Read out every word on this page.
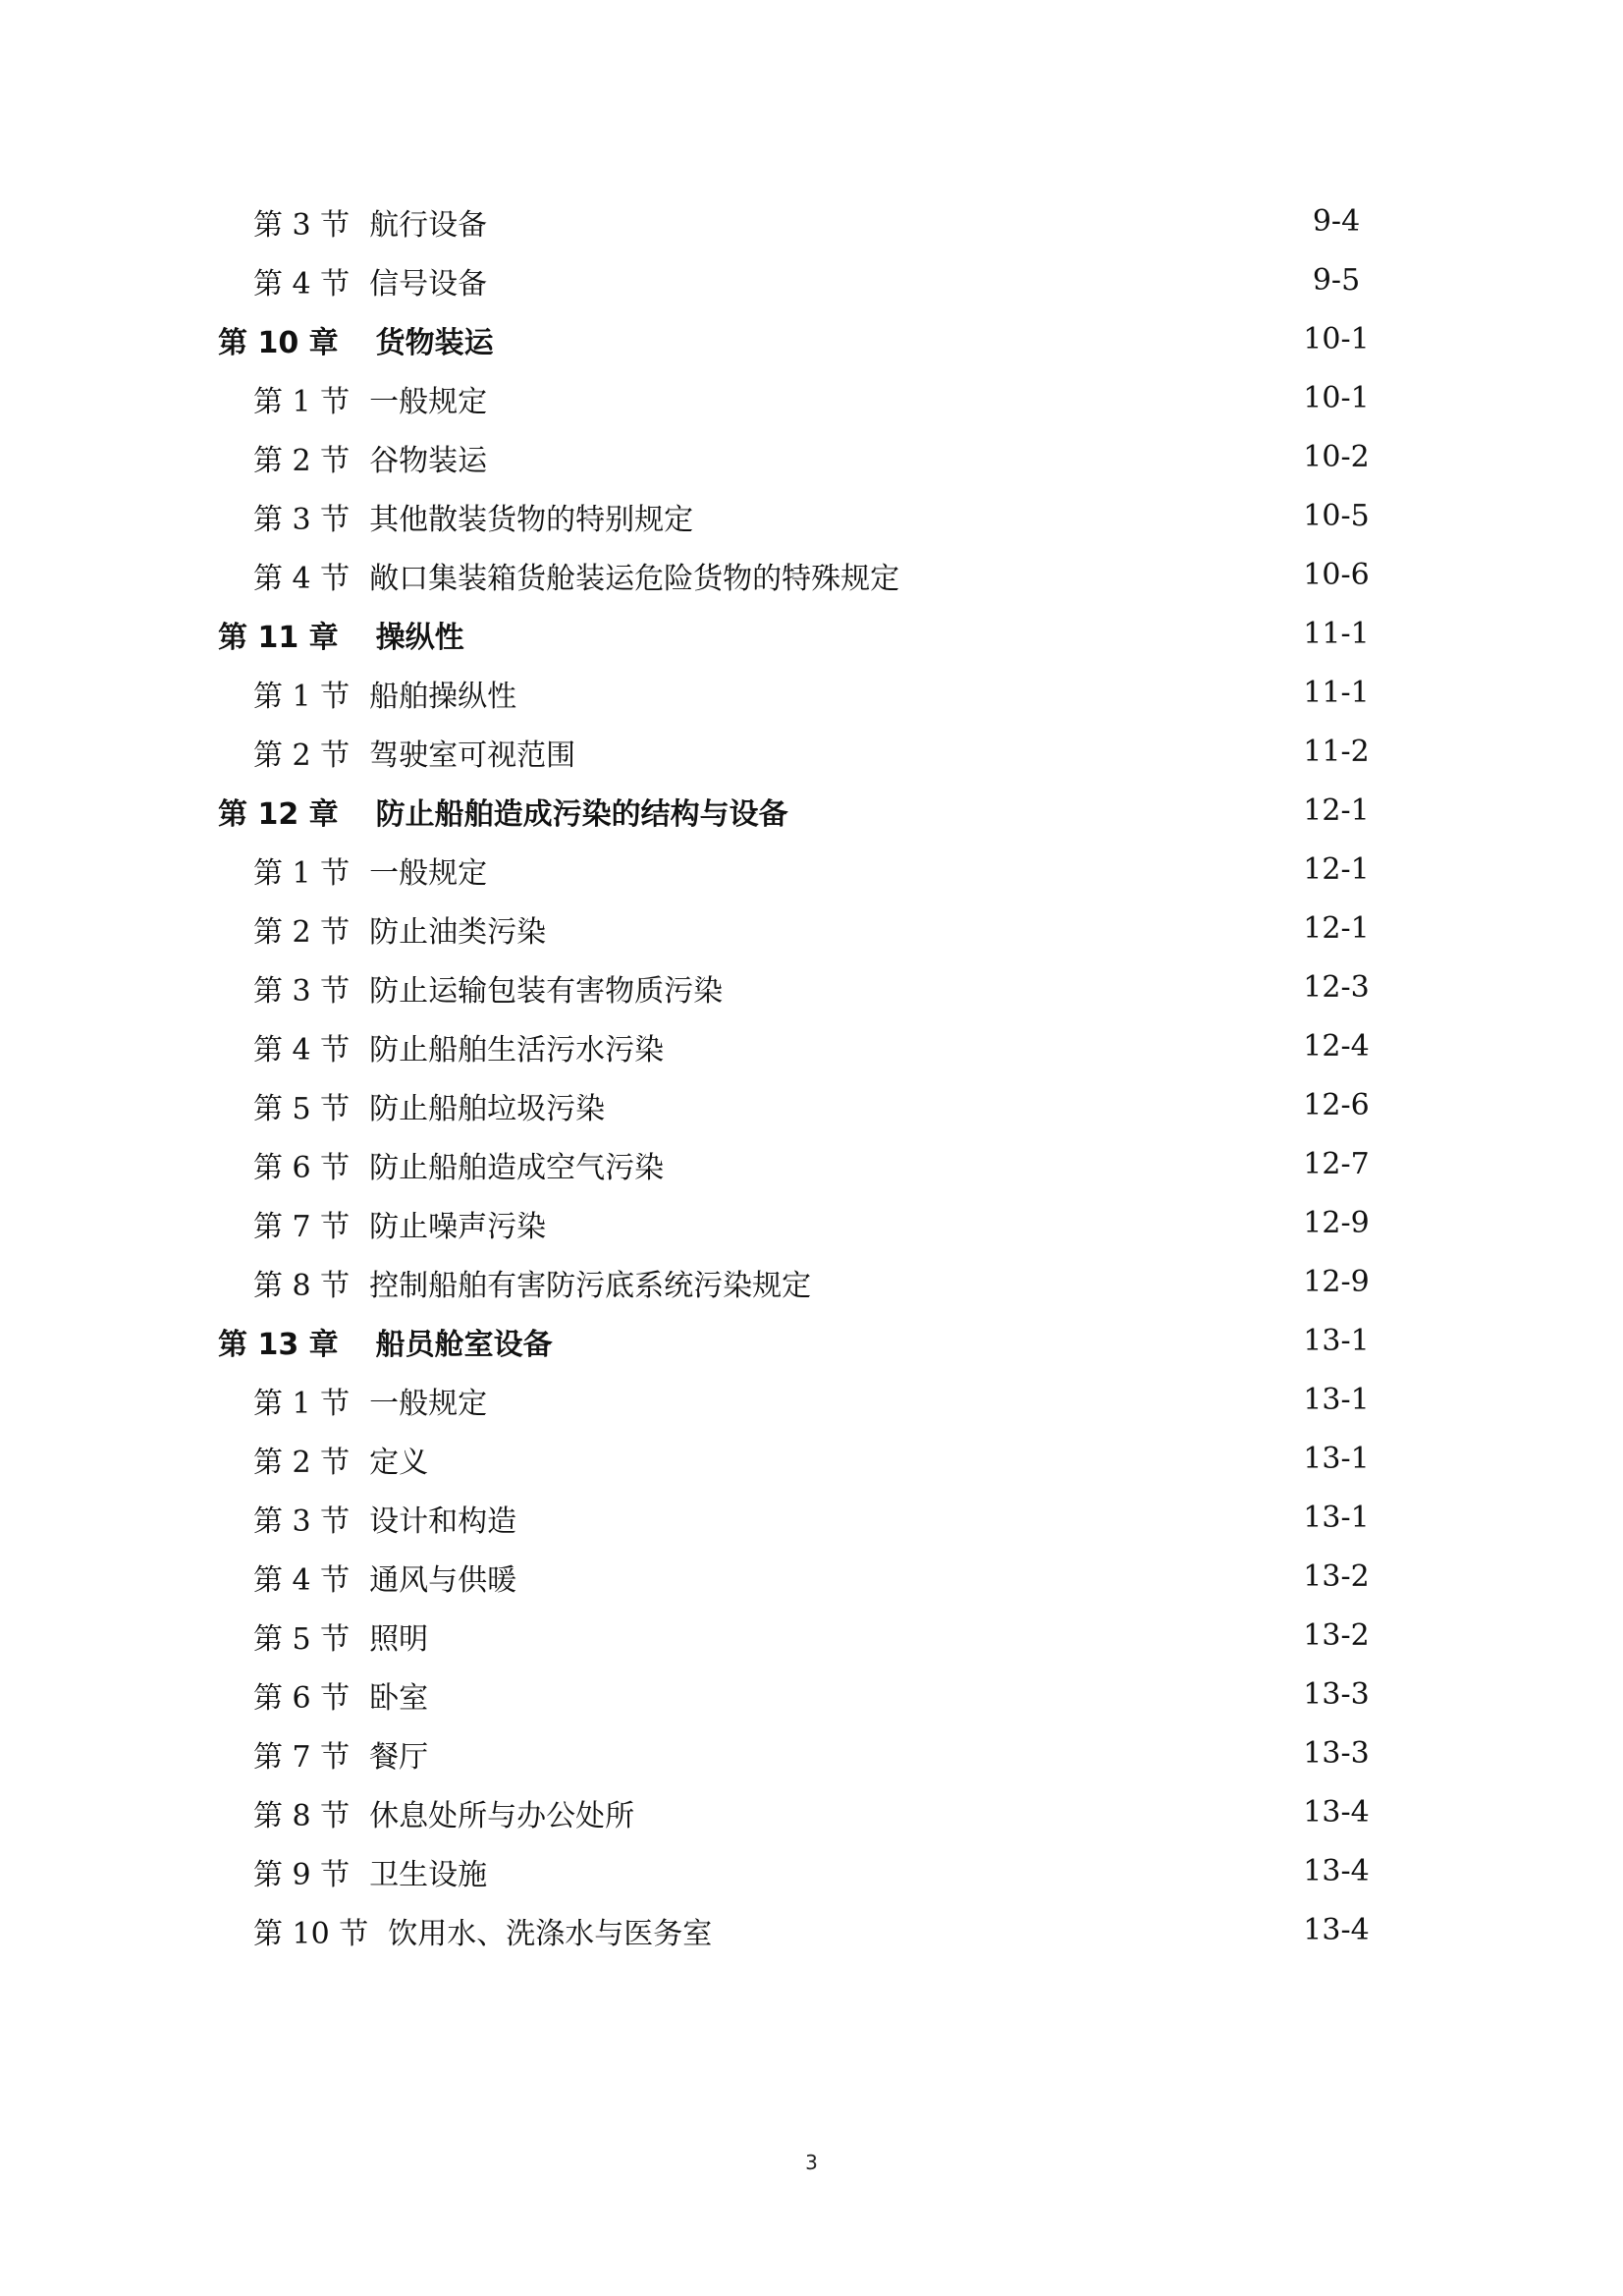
第 3 节 航行设备	9-4
第 4 节 信号设备	9-5
第 10 章 货物装运	10-1
第 1 节 一般规定	10-1
第 2 节 谷物装运	10-2
第 3 节 其他散装货物的特别规定	10-5
第 4 节 敞口集装箱货舱装运危险货物的特殊规定	10-6
第 11 章 操纵性	11-1
第 1 节 船舶操纵性	11-1
第 2 节 驾驶室可视范围	11-2
第 12 章 防止船舶造成污染的结构与设备	12-1
第 1 节 一般规定	12-1
第 2 节 防止油类污染	12-1
第 3 节 防止运输包装有害物质污染	12-3
第 4 节 防止船舶生活污水污染	12-4
第 5 节 防止船舶垃圾污染	12-6
第 6 节 防止船舶造成空气污染	12-7
第 7 节 防止噪声污染	12-9
第 8 节 控制船舶有害防污底系统污染规定	12-9
第 13 章 船员舱室设备	13-1
第 1 节 一般规定	13-1
第 2 节 定义	13-1
第 3 节 设计和构造	13-1
第 4 节 通风与供暖	13-2
第 5 节 照明	13-2
第 6 节 卧室	13-3
第 7 节 餐厅	13-3
第 8 节 休息处所与办公处所	13-4
第 9 节 卫生设施	13-4
第 10 节 饮用水、洗涤水与医务室	13-4
3
